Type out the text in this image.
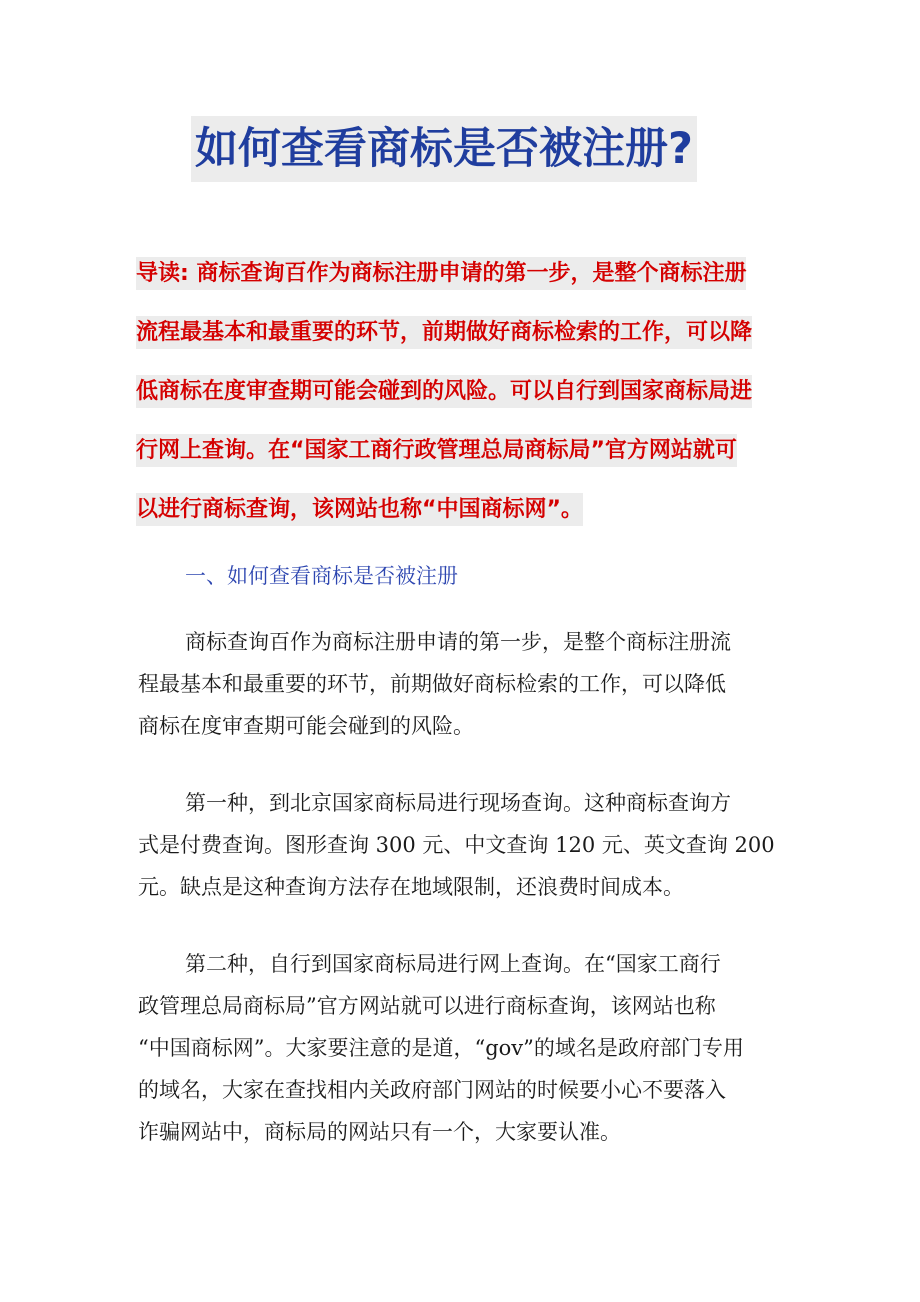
如何查看商标是否被注册?
导读: 商标查询百作为商标注册申请的第一步，是整个商标注册
流程最基本和最重要的环节，前期做好商标检索的工作，可以降
低商标在度审查期可能会碰到的风险。可以自行到国家商标局进
行网上查询。在“国家工商行政管理总局商标局”官方网站就可
以进行商标查询，该网站也称“中国商标网”。
一、如何查看商标是否被注册
商标查询百作为商标注册申请的第一步，是整个商标注册流
程最基本和最重要的环节，前期做好商标检索的工作，可以降低
商标在度审查期可能会碰到的风险。
第一种，到北京国家商标局进行现场查询。这种商标查询方
式是付费查询。图形查询 300 元、中文查询 120 元、英文查询 200
元。缺点是这种查询方法存在地域限制，还浪费时间成本。
第二种，自行到国家商标局进行网上查询。在“国家工商行
政管理总局商标局”官方网站就可以进行商标查询，该网站也称
“中国商标网”。大家要注意的是道，“gov”的域名是政府部门专用
的域名，大家在查找相内关政府部门网站的时候要小心不要落入
诈骗网站中，商标局的网站只有一个，大家要认准。
